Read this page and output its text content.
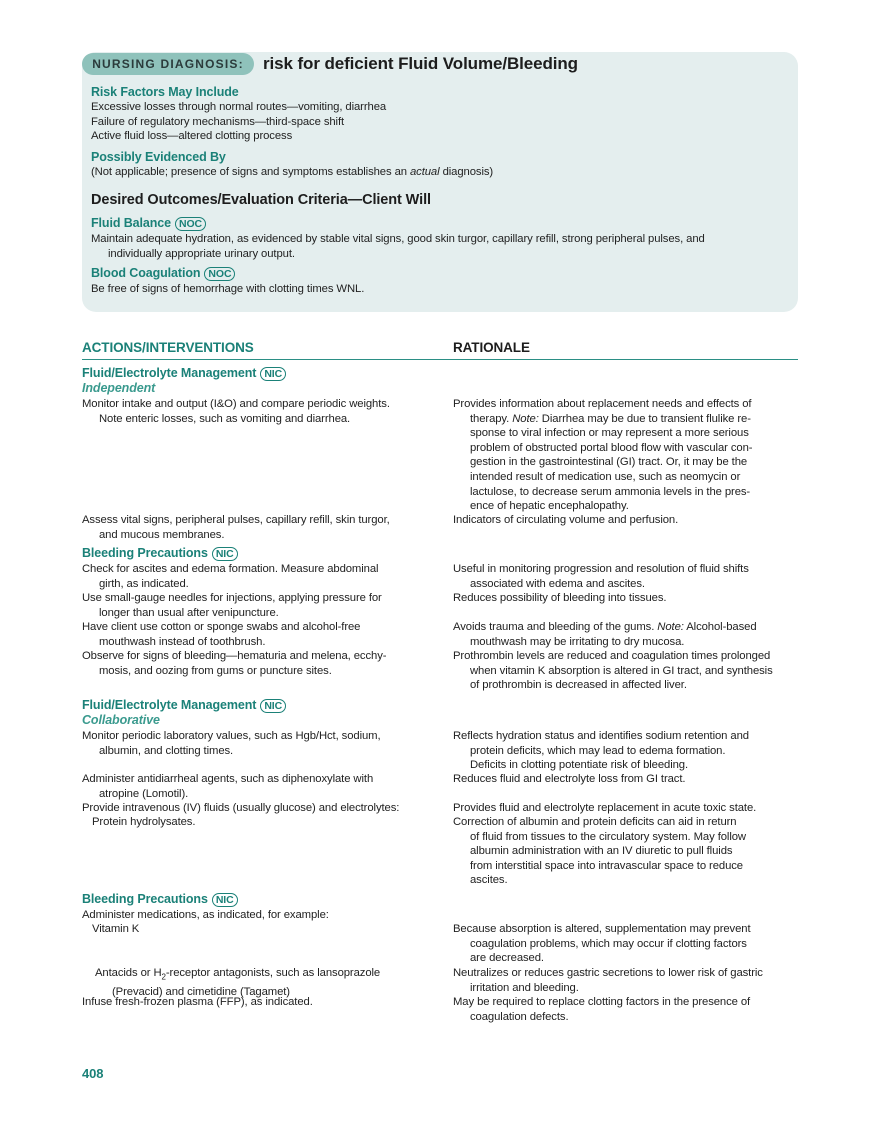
NURSING DIAGNOSIS:	risk for deficient Fluid Volume/Bleeding
Risk Factors May Include
Excessive losses through normal routes—vomiting, diarrhea
Failure of regulatory mechanisms—third-space shift
Active fluid loss—altered clotting process
Possibly Evidenced By
(Not applicable; presence of signs and symptoms establishes an actual diagnosis)
Desired Outcomes/Evaluation Criteria—Client Will
Fluid Balance NOC
Maintain adequate hydration, as evidenced by stable vital signs, good skin turgor, capillary refill, strong peripheral pulses, and
individually appropriate urinary output.
Blood Coagulation NOC
Be free of signs of hemorrhage with clotting times WNL.
ACTIONS/INTERVENTIONS	RATIONALE
Fluid/Electrolyte Management NIC
Independent
Monitor intake and output (I&O) and compare periodic weights.
Note enteric losses, such as vomiting and diarrhea.
Provides information about replacement needs and effects of
therapy. Note: Diarrhea may be due to transient flulike re-
sponse to viral infection or may represent a more serious
problem of obstructed portal blood flow with vascular con-
gestion in the gastrointestinal (GI) tract. Or, it may be the
intended result of medication use, such as neomycin or
lactulose, to decrease serum ammonia levels in the pres-
ence of hepatic encephalopathy.
Assess vital signs, peripheral pulses, capillary refill, skin turgor,
and mucous membranes.
Indicators of circulating volume and perfusion.
Bleeding Precautions NIC
Check for ascites and edema formation. Measure abdominal
girth, as indicated.
Useful in monitoring progression and resolution of fluid shifts
associated with edema and ascites.
Use small-gauge needles for injections, applying pressure for
longer than usual after venipuncture.
Reduces possibility of bleeding into tissues.
Have client use cotton or sponge swabs and alcohol-free
mouthwash instead of toothbrush.
Avoids trauma and bleeding of the gums. Note: Alcohol-based
mouthwash may be irritating to dry mucosa.
Observe for signs of bleeding—hematuria and melena, ecchy-
mosis, and oozing from gums or puncture sites.
Prothrombin levels are reduced and coagulation times prolonged
when vitamin K absorption is altered in GI tract, and synthesis
of prothrombin is decreased in affected liver.
Fluid/Electrolyte Management NIC
Collaborative
Monitor periodic laboratory values, such as Hgb/Hct, sodium,
albumin, and clotting times.
Reflects hydration status and identifies sodium retention and
protein deficits, which may lead to edema formation.
Deficits in clotting potentiate risk of bleeding.
Administer antidiarrheal agents, such as diphenoxylate with
atropine (Lomotil).
Reduces fluid and electrolyte loss from GI tract.
Provide intravenous (IV) fluids (usually glucose) and electrolytes:	Provides fluid and electrolyte replacement in acute toxic state.
Protein hydrolysates.	Correction of albumin and protein deficits can aid in return
of fluid from tissues to the circulatory system. May follow
albumin administration with an IV diuretic to pull fluids
from interstitial space into intravascular space to reduce
ascites.
Bleeding Precautions NIC
Administer medications, as indicated, for example:
Vitamin K	Because absorption is altered, supplementation may prevent
coagulation problems, which may occur if clotting factors
are decreased.
Antacids or $H_2$-receptor antagonists, such as lansoprazole
(Prevacid) and cimetidine (Tagamet)
Neutralizes or reduces gastric secretions to lower risk of gastric
irritation and bleeding.
Infuse fresh-frozen plasma (FFP), as indicated.	May be required to replace clotting factors in the presence of
coagulation defects.
408
